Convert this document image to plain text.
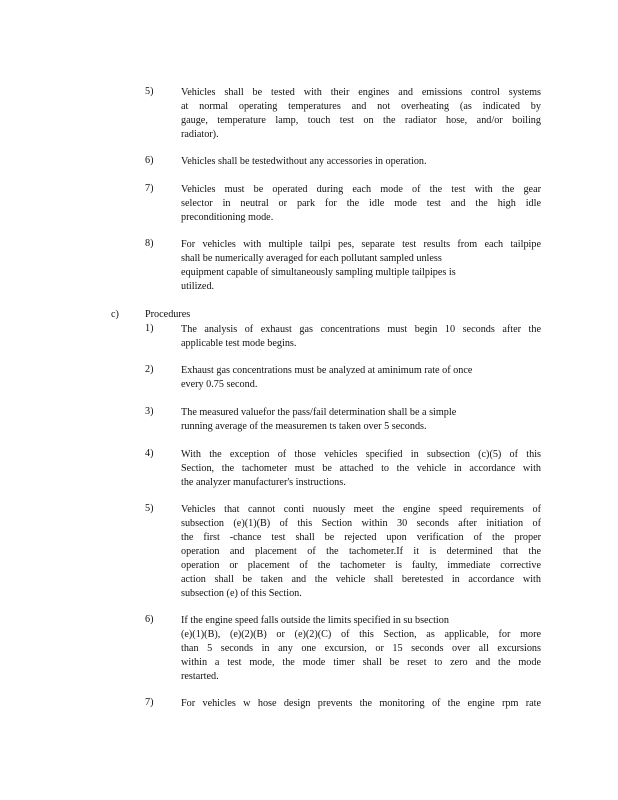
5)	Vehicles shall be tested with their engines and emissions control systems
at normal operating temperatures and not overheating (as indicated by
gauge, temperature lamp, touch test on the radiator hose, and/or boiling
radiator).
6)	Vehicles shall be testedwithout any accessories in operation.
7)	Vehicles must be operated during each mode of the test with the gear
selector in neutral or park for the idle mode test and the high idle
preconditioning mode.
8)	For vehicles with multiple tailpi pes, separate test results from each tailpipe
shall be numerically averaged for each pollutant sampled unless
equipment capable of simultaneously sampling multiple tailpipes is
utilized.
c)	Procedures
1)	The analysis of exhaust gas concentrations must begin 10 seconds after the
applicable test mode begins.
2)	Exhaust gas concentrations must be analyzed at aminimum rate of once
every 0.75 second.
3)	The measured valuefor the pass/fail determination shall be a simple
running average of the measuremen ts taken over 5 seconds.
4)	With the exception of those vehicles specified in subsection (c)(5) of this
Section, the tachometer must be attached to the vehicle in accordance with
the analyzer manufacturer's instructions.
5)	Vehicles that cannot conti nuously meet the engine speed requirements of
subsection (e)(1)(B) of this Section within 30 seconds after initiation of
the first -chance test shall be rejected upon verification of the proper
operation and placement of the tachometer.If it is determined that the
operation or placement of the tachometer is faulty, immediate corrective
action shall be taken and the vehicle shall beretested in accordance with
subsection (e) of this Section.
6)	If the engine speed falls outside the limits specified in su bsection
(e)(1)(B), (e)(2)(B) or (e)(2)(C) of this Section, as applicable, for more
than 5 seconds in any one excursion, or 15 seconds over all excursions
within a test mode, the mode timer shall be reset to zero and the mode
restarted.
7)	For vehicles w hose design prevents the monitoring of the engine rpm rate
